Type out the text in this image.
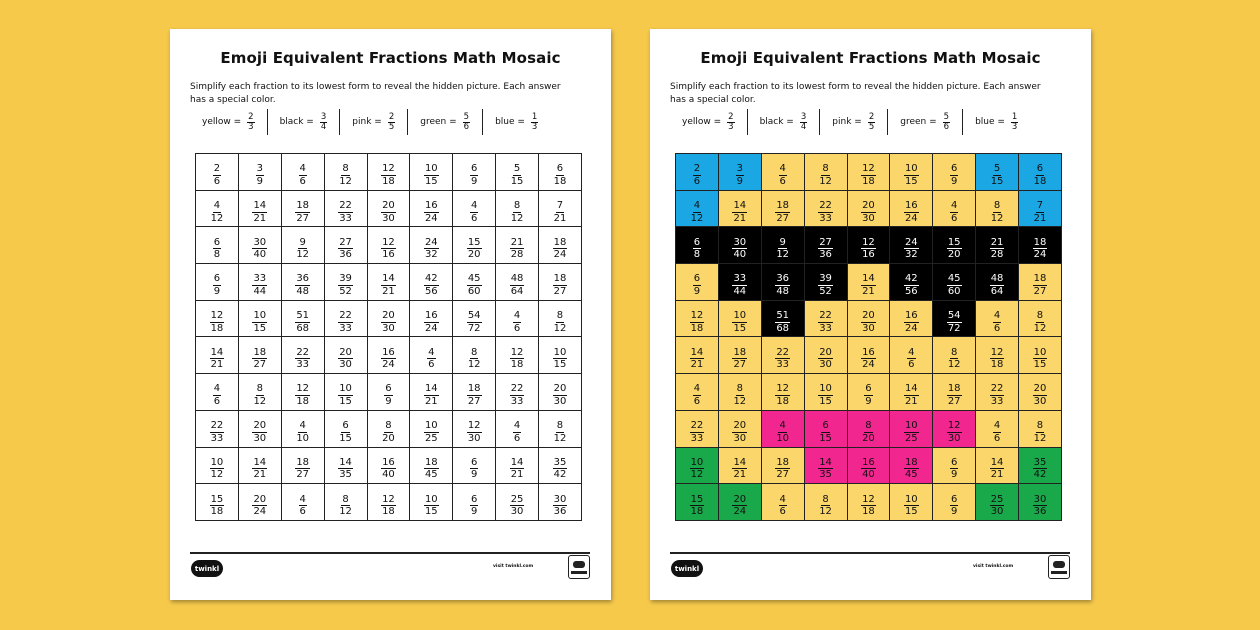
Emoji Equivalent Fractions Math Mosaic
Simplify each fraction to its lowest form to reveal the hidden picture. Each answer has a special color.
yellow = $\frac{2}{3}$	black = $\frac{3}{4}$	pink = $\frac{2}{5}$	green = $\frac{5}{6}$	blue = $\frac{1}{3}$
$\frac{2}{6}$	$\frac{3}{9}$	$\frac{4}{6}$	$\frac{8}{12}$	$\frac{12}{18}$	$\frac{10}{15}$	$\frac{6}{9}$	$\frac{5}{15}$	$\frac{6}{18}$

$\frac{4}{12}$	$\frac{14}{21}$	$\frac{18}{27}$	$\frac{22}{33}$	$\frac{20}{30}$	$\frac{16}{24}$	$\frac{4}{6}$	$\frac{8}{12}$	$\frac{7}{21}$

$\frac{6}{8}$	$\frac{30}{40}$	$\frac{9}{12}$	$\frac{27}{36}$	$\frac{12}{16}$	$\frac{24}{32}$	$\frac{15}{20}$	$\frac{21}{28}$	$\frac{18}{24}$

$\frac{6}{9}$	$\frac{33}{44}$	$\frac{36}{48}$	$\frac{39}{52}$	$\frac{14}{21}$	$\frac{42}{56}$	$\frac{45}{60}$	$\frac{48}{64}$	$\frac{18}{27}$

$\frac{12}{18}$	$\frac{10}{15}$	$\frac{51}{68}$	$\frac{22}{33}$	$\frac{20}{30}$	$\frac{16}{24}$	$\frac{54}{72}$	$\frac{4}{6}$	$\frac{8}{12}$

$\frac{14}{21}$	$\frac{18}{27}$	$\frac{22}{33}$	$\frac{20}{30}$	$\frac{16}{24}$	$\frac{4}{6}$	$\frac{8}{12}$	$\frac{12}{18}$	$\frac{10}{15}$

$\frac{4}{6}$	$\frac{8}{12}$	$\frac{12}{18}$	$\frac{10}{15}$	$\frac{6}{9}$	$\frac{14}{21}$	$\frac{18}{27}$	$\frac{22}{33}$	$\frac{20}{30}$

$\frac{22}{33}$	$\frac{20}{30}$	$\frac{4}{10}$	$\frac{6}{15}$	$\frac{8}{20}$	$\frac{10}{25}$	$\frac{12}{30}$	$\frac{4}{6}$	$\frac{8}{12}$

$\frac{10}{12}$	$\frac{14}{21}$	$\frac{18}{27}$	$\frac{14}{35}$	$\frac{16}{40}$	$\frac{18}{45}$	$\frac{6}{9}$	$\frac{14}{21}$	$\frac{35}{42}$

$\frac{15}{18}$	$\frac{20}{24}$	$\frac{4}{6}$	$\frac{8}{12}$	$\frac{12}{18}$	$\frac{10}{15}$	$\frac{6}{9}$	$\frac{25}{30}$	$\frac{30}{36}$
twinkl	visit twinkl.com
Emoji Equivalent Fractions Math Mosaic
Simplify each fraction to its lowest form to reveal the hidden picture. Each answer has a special color.
yellow = $\frac{2}{3}$	black = $\frac{3}{4}$	pink = $\frac{2}{5}$	green = $\frac{5}{6}$	blue = $\frac{1}{3}$
$\frac{2}{6}$	$\frac{3}{9}$	$\frac{4}{6}$	$\frac{8}{12}$	$\frac{12}{18}$	$\frac{10}{15}$	$\frac{6}{9}$	$\frac{5}{15}$	$\frac{6}{18}$

$\frac{4}{12}$	$\frac{14}{21}$	$\frac{18}{27}$	$\frac{22}{33}$	$\frac{20}{30}$	$\frac{16}{24}$	$\frac{4}{6}$	$\frac{8}{12}$	$\frac{7}{21}$

$\frac{6}{8}$	$\frac{30}{40}$	$\frac{9}{12}$	$\frac{27}{36}$	$\frac{12}{16}$	$\frac{24}{32}$	$\frac{15}{20}$	$\frac{21}{28}$	$\frac{18}{24}$

$\frac{6}{9}$	$\frac{33}{44}$	$\frac{36}{48}$	$\frac{39}{52}$	$\frac{14}{21}$	$\frac{42}{56}$	$\frac{45}{60}$	$\frac{48}{64}$	$\frac{18}{27}$

$\frac{12}{18}$	$\frac{10}{15}$	$\frac{51}{68}$	$\frac{22}{33}$	$\frac{20}{30}$	$\frac{16}{24}$	$\frac{54}{72}$	$\frac{4}{6}$	$\frac{8}{12}$

$\frac{14}{21}$	$\frac{18}{27}$	$\frac{22}{33}$	$\frac{20}{30}$	$\frac{16}{24}$	$\frac{4}{6}$	$\frac{8}{12}$	$\frac{12}{18}$	$\frac{10}{15}$

$\frac{4}{6}$	$\frac{8}{12}$	$\frac{12}{18}$	$\frac{10}{15}$	$\frac{6}{9}$	$\frac{14}{21}$	$\frac{18}{27}$	$\frac{22}{33}$	$\frac{20}{30}$

$\frac{22}{33}$	$\frac{20}{30}$	$\frac{4}{10}$	$\frac{6}{15}$	$\frac{8}{20}$	$\frac{10}{25}$	$\frac{12}{30}$	$\frac{4}{6}$	$\frac{8}{12}$

$\frac{10}{12}$	$\frac{14}{21}$	$\frac{18}{27}$	$\frac{14}{35}$	$\frac{16}{40}$	$\frac{18}{45}$	$\frac{6}{9}$	$\frac{14}{21}$	$\frac{35}{42}$

$\frac{15}{18}$	$\frac{20}{24}$	$\frac{4}{6}$	$\frac{8}{12}$	$\frac{12}{18}$	$\frac{10}{15}$	$\frac{6}{9}$	$\frac{25}{30}$	$\frac{30}{36}$
twinkl	visit twinkl.com
